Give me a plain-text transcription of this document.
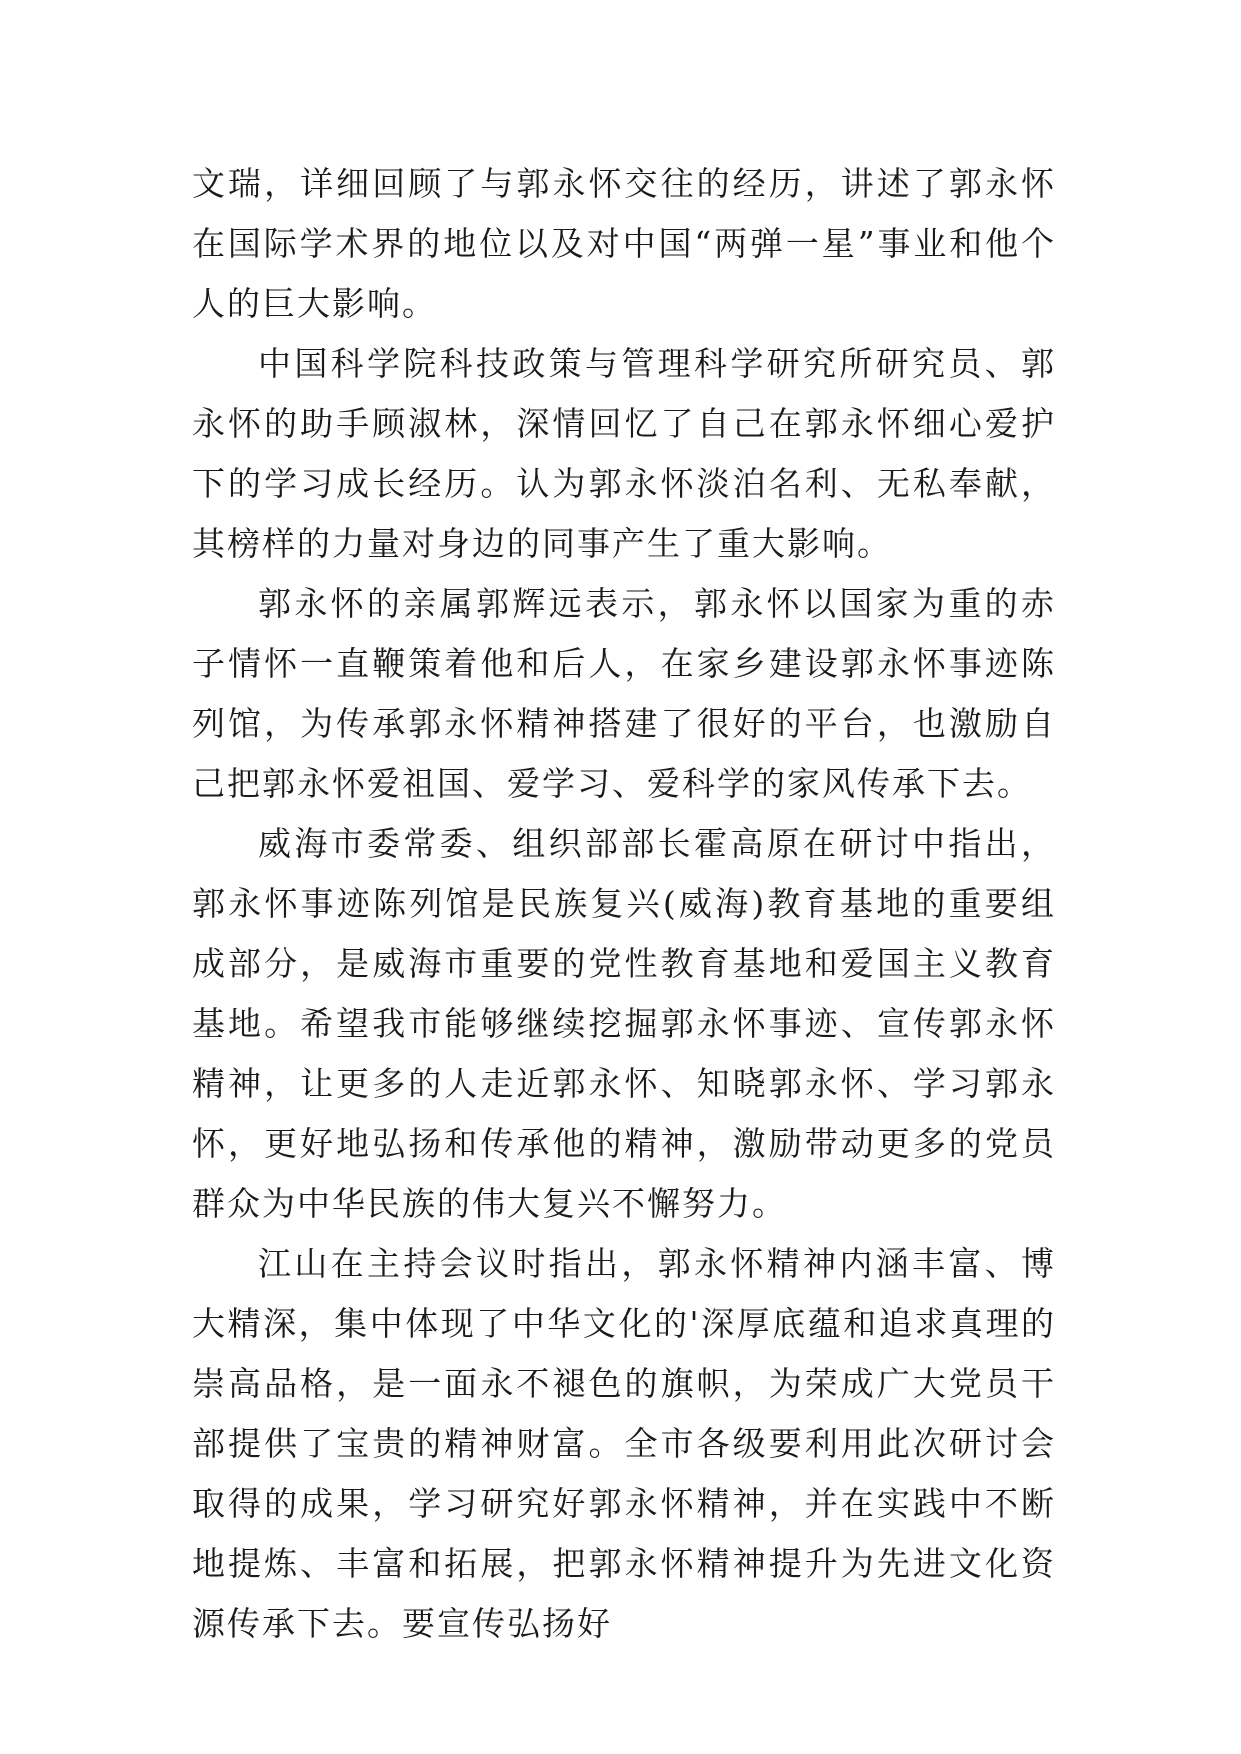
文瑞，详细回顾了与郭永怀交往的经历，讲述了郭永怀在国际学术界的地位以及对中国“两弹一星”事业和他个人的巨大影响。

中国科学院科技政策与管理科学研究所研究员、郭永怀的助手顾淑林，深情回忆了自己在郭永怀细心爱护下的学习成长经历。认为郭永怀淡泊名利、无私奉献，其榜样的力量对身边的同事产生了重大影响。

郭永怀的亲属郭辉远表示，郭永怀以国家为重的赤子情怀一直鞭策着他和后人，在家乡建设郭永怀事迹陈列馆，为传承郭永怀精神搭建了很好的平台，也激励自己把郭永怀爱祖国、爱学习、爱科学的家风传承下去。

威海市委常委、组织部部长霍高原在研讨中指出，郭永怀事迹陈列馆是民族复兴(威海)教育基地的重要组成部分，是威海市重要的党性教育基地和爱国主义教育基地。希望我市能够继续挖掘郭永怀事迹、宣传郭永怀精神，让更多的人走近郭永怀、知晓郭永怀、学习郭永怀，更好地弘扬和传承他的精神，激励带动更多的党员群众为中华民族的伟大复兴不懈努力。

江山在主持会议时指出，郭永怀精神内涵丰富、博大精深，集中体现了中华文化的'深厚底蕴和追求真理的崇高品格，是一面永不褪色的旗帜，为荣成广大党员干部提供了宝贵的精神财富。全市各级要利用此次研讨会取得的成果，学习研究好郭永怀精神，并在实践中不断地提炼、丰富和拓展，把郭永怀精神提升为先进文化资源传承下去。要宣传弘扬好
